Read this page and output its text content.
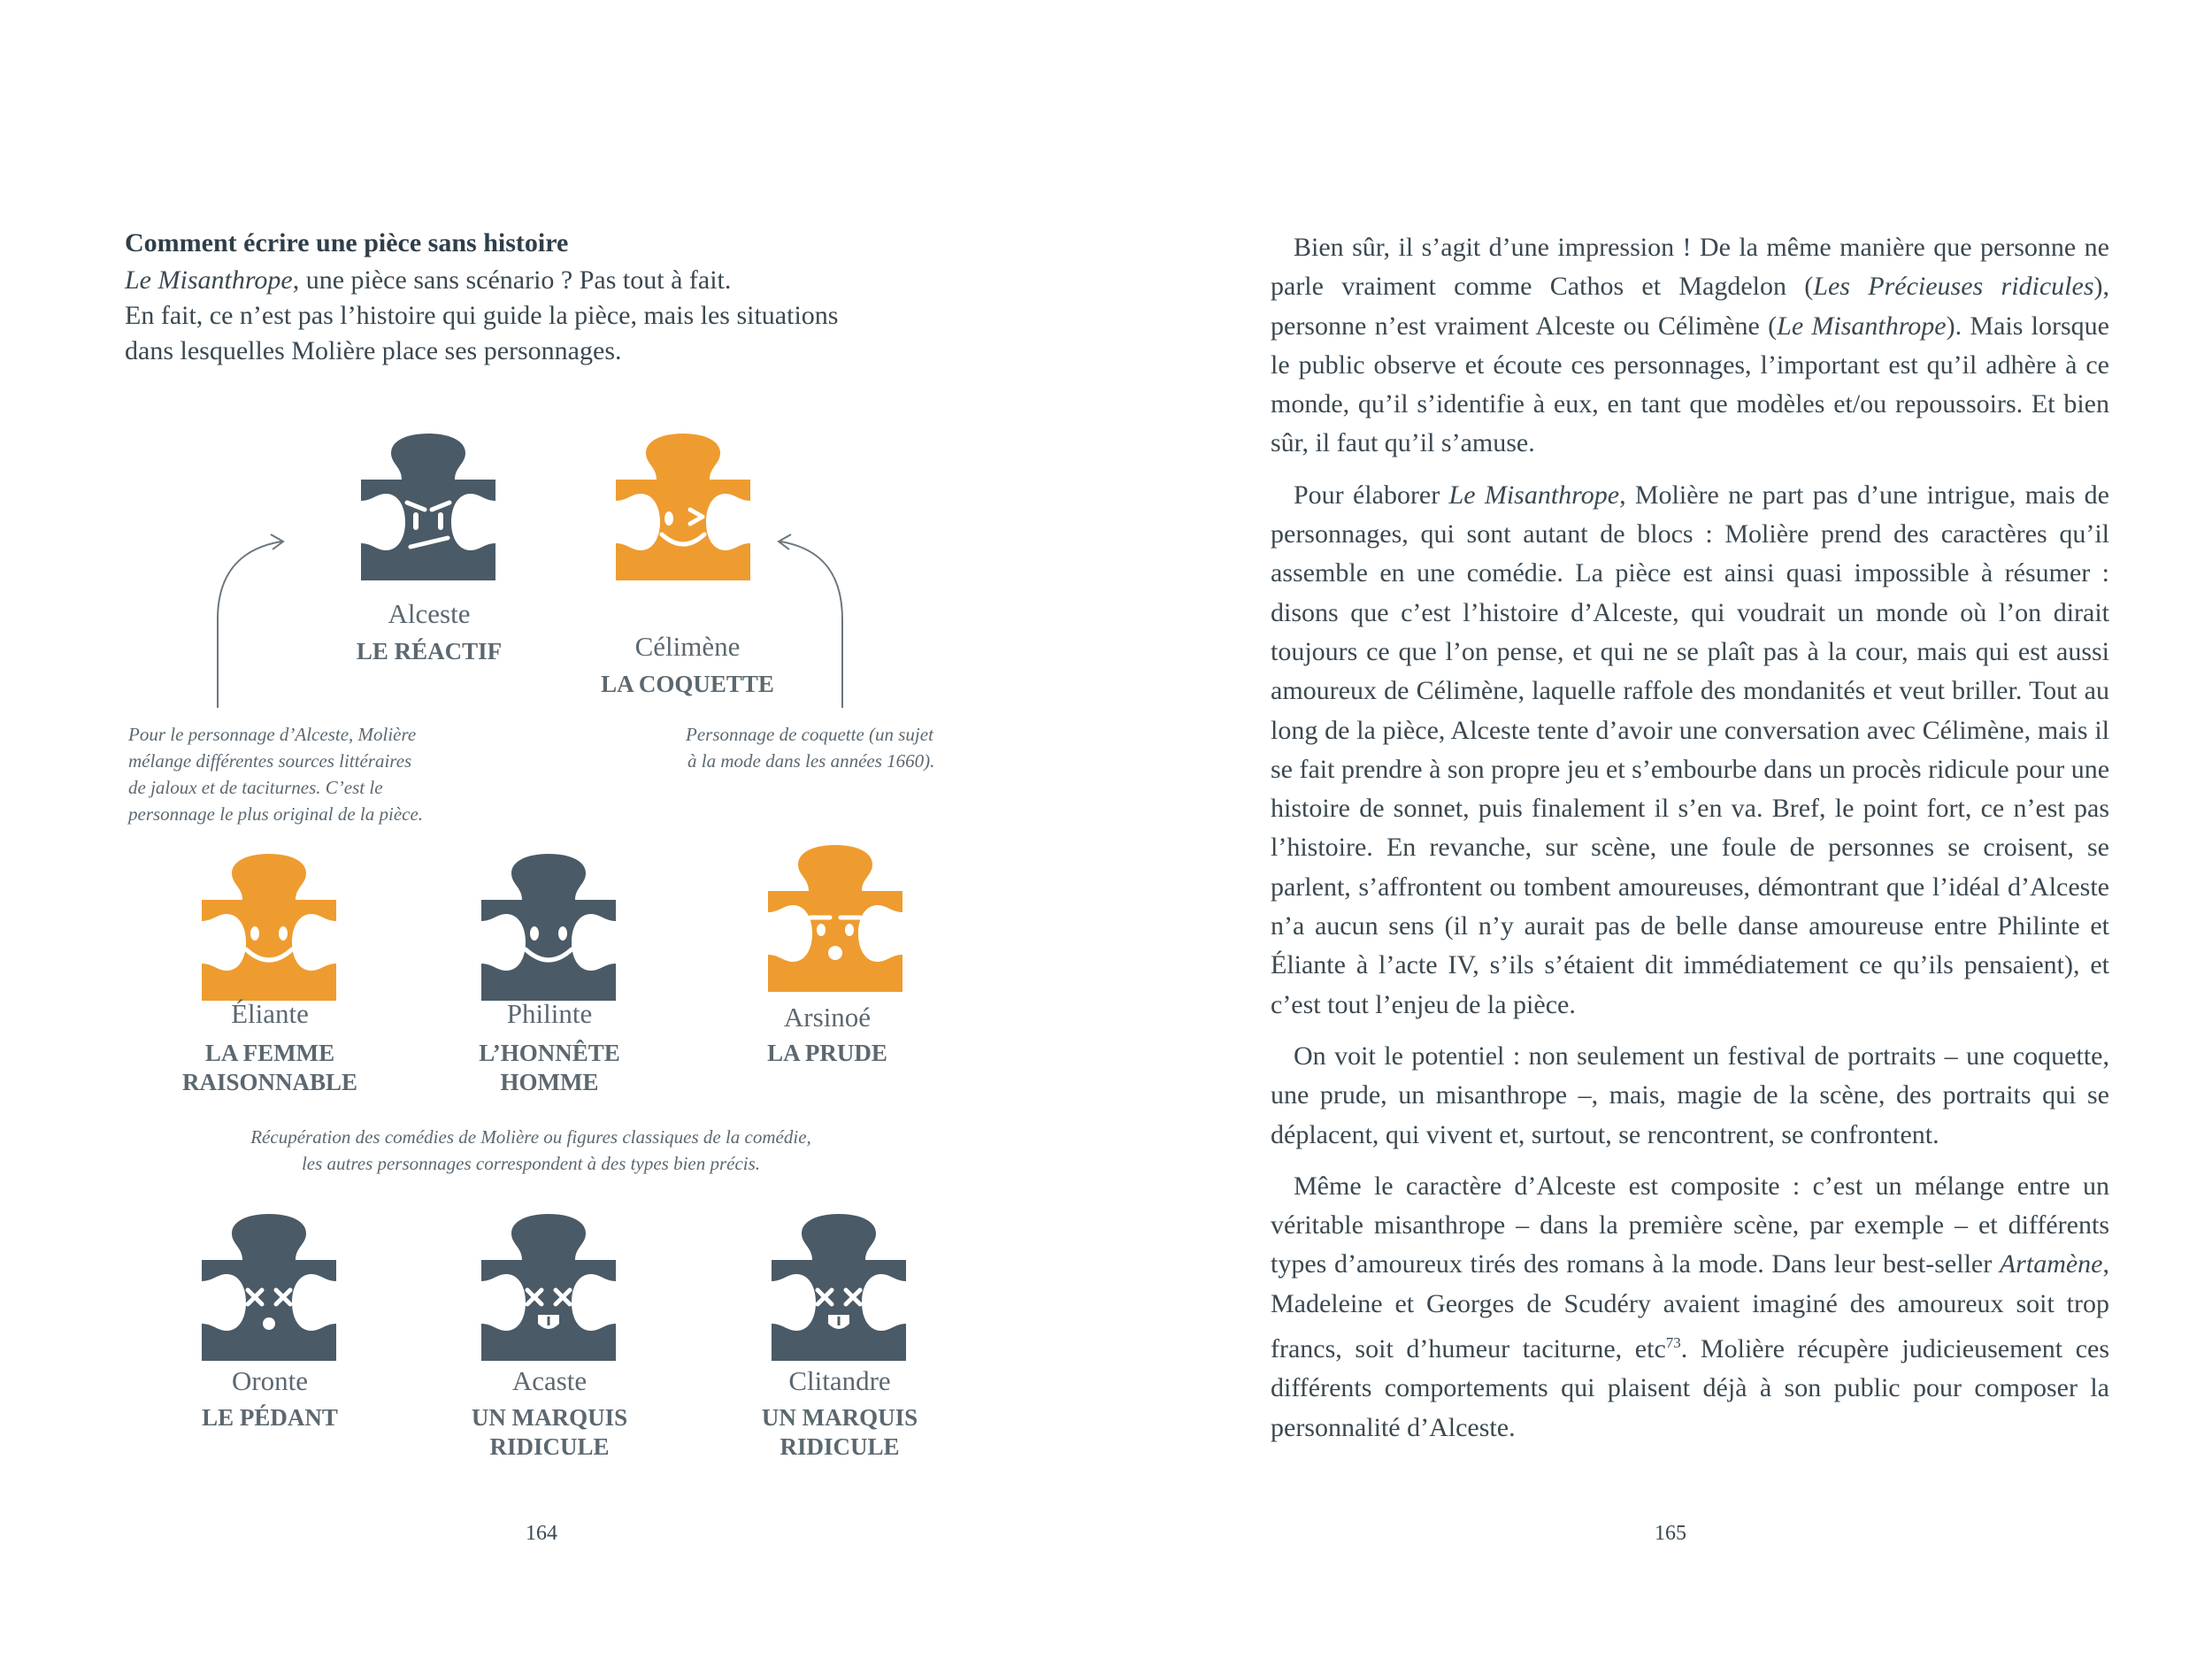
Comment écrire une pièce sans histoire
Le Misanthrope, une pièce sans scénario ? Pas tout à fait.
En fait, ce n’est pas l’histoire qui guide la pièce, mais les situations
dans lesquelles Molière place ses personnages.
Alceste
LE RÉACTIF	Célimène
LA COQUETTE
Pour le personnage d’Alceste, Molière
mélange différentes sources littéraires
de jaloux et de taciturnes. C’est le
personnage le plus original de la pièce.
Personnage de coquette (un sujet
à la mode dans les années 1660).
Éliante
LA FEMME
RAISONNABLE
Philinte
L’HONNÊTE
HOMME
Arsinoé
LA PRUDE
Récupération des comédies de Molière ou figures classiques de la comédie,
les autres personnages correspondent à des types bien précis.
Oronte
LE PÉDANT
Acaste
UN MARQUIS
RIDICULE
Clitandre
UN MARQUIS
RIDICULE
164

Bien sûr, il s’agit d’une impression ! De la même manière que personne ne parle vraiment comme Cathos et Magdelon (Les Précieuses ridicules), personne n’est vraiment Alceste ou Célimène (Le Misanthrope). Mais lorsque le public observe et écoute ces personnages, l’important est qu’il adhère à ce monde, qu’il s’identifie à eux, en tant que modèles et/ou repoussoirs. Et bien sûr, il faut qu’il s’amuse.

Pour élaborer Le Misanthrope, Molière ne part pas d’une intrigue, mais de personnages, qui sont autant de blocs : Molière prend des caractères qu’il assemble en une comédie. La pièce est ainsi quasi impossible à résumer : disons que c’est l’histoire d’Alceste, qui voudrait un monde où l’on dirait toujours ce que l’on pense, et qui ne se plaît pas à la cour, mais qui est aussi amoureux de Célimène, laquelle raffole des mondanités et veut briller. Tout au long de la pièce, Alceste tente d’avoir une conversation avec Célimène, mais il se fait prendre à son propre jeu et s’embourbe dans un procès ridicule pour une histoire de sonnet, puis finalement il s’en va. Bref, le point fort, ce n’est pas l’histoire. En revanche, sur scène, une foule de personnes se croisent, se parlent, s’affrontent ou tombent amoureuses, démontrant que l’idéal d’Alceste n’a aucun sens (il n’y aurait pas de belle danse amoureuse entre Philinte et Éliante à l’acte IV, s’ils s’étaient dit immédiatement ce qu’ils pensaient), et c’est tout l’enjeu de la pièce.

On voit le potentiel : non seulement un festival de portraits – une coquette, une prude, un misanthrope –, mais, magie de la scène, des portraits qui se déplacent, qui vivent et, surtout, se rencontrent, se confrontent.

Même le caractère d’Alceste est composite : c’est un mélange entre un véritable misanthrope – dans la première scène, par exemple – et différents types d’amoureux tirés des romans à la mode. Dans leur best-seller Artamène, Madeleine et Georges de Scudéry avaient imaginé des amoureux soit trop francs, soit d’humeur taciturne, etc$^{73}$. Molière récupère judicieusement ces différents comportements qui plaisent déjà à son public pour composer la personnalité d’Alceste.

165
